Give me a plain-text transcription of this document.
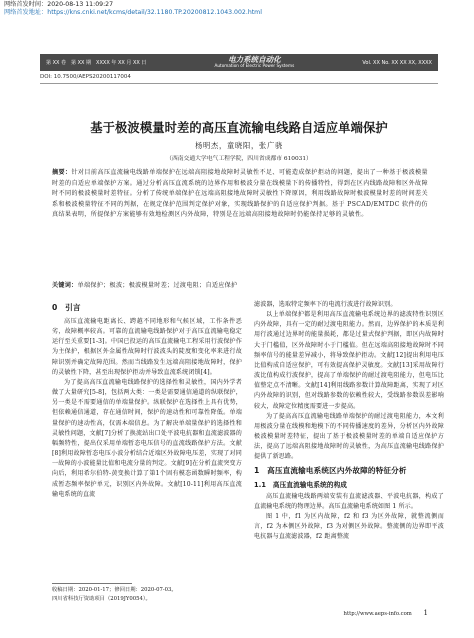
网络首发时间：2020-08-13 11:09:27
网络首发地址：https://kns.cnki.net/kcms/detail/32.1180.TP.20200812.1043.002.html
第 XX 卷　第 XX 期　XXXX 年 XX 月 XX 日	电力系统自动化
Automation of Electric Power Systems	Vol. XX No. XX XX XX, XXXX
DOI: 10.7500/AEPS20200117004
基于极波模量时差的高压直流输电线路自适应单端保护
杨明杰，童晓阳，张广骁
（西南交通大学电气工程学院，四川省成都市 610031）
摘要：针对目前高压直流输电线路单端保护在远端高阻接地故障时灵敏性不足、可能造成保护拒动的问题，提出了一种基于极波模量时差的自适应单端保护方案。通过分析高压直流系统的边界作用和极波分量在线模量下的传播特性，得到在区内线路故障和区外故障时不同的极波模量时差特征。分析了传统单端保护在远端高阻接地故障时灵敏性下降原因，利用线路故障时极波模量时差的时间差关系和极波模量特征不同的判据，在规定保护范围判定保护对象，实现线路保护的自适应保护判据。基于 PSCAD/EMTDC 软件的仿真结果表明，所提保护方案能够有效地检测区内外故障，特别是在远端高阻接地故障时仍能保持足够的灵敏性。
关键词：单端保护；极波；极波模量时差；过渡电阻；自适应保护
0　引言

高压直流输电距离长、跨越不同地形和气候区域，工作条件恶劣，故障概率较高。可靠的直流输电线路保护对于高压直流输电稳定运行至关重要[1-3]。中国已投运的高压直流输电工程采用行波保护作为主保护，根据区外金属性故障时行波波头的陡度和变化率来进行故障识别并确定故障范围。然而当线路发生远端高阻接地故障时，保护的灵敏性下降，甚至出现保护拒动并导致直流系统闭锁[4]。

为了提高高压直流输电线路保护的选择性和灵敏性，国内外学者做了大量研究[5-8]，包括两大类：一类是需要通信通道的纵联保护，另一类是不需要通信的单端量保护。纵联保护在选择性上具有优势，但依赖通信通道，存在通信时间，保护的速动性和可靠性降低。单端量保护的速动性高，仅需本端信息。为了解决单端量保护的选择性和灵敏性问题，文献[7]分析了换流站出口处平波电抗器和直流滤波器的幅频特性，提出仅采用单端暂态电压信号的直流线路保护方法。文献[8]利用故障暂态电压小波分析结合近端区外故障电压差，实现了对同一故障的小波能量比值和电流分量的判定。文献[9]在分析直流突变方向后，利用希尔伯特-黄变换计算了第1个固有模态函数瞬时频率，构成暂态频率保护单元，识别区内外故障。文献[10-11]利用高压直流输电系统的直流

滤波器，选取特定频率下的电流行波进行故障识别。

以上单端保护都是利用高压直流输电系统边界的滤波特性识别区内外故障，具有一定的耐过渡电阻能力。然而，边界保护的本质是利用行波通过边界时的能量损耗，都是过量式保护判据，即区内故障时大于门槛值，区外故障时小于门槛值。但在远端高阻接地故障时不同频率信号的能量差异减小，将导致保护拒动。文献[12]提出利用电压比值构成自适应保护，可有效提高保护灵敏度。文献[13]采用故障行波比值构成行波保护，提高了单端保护的耐过渡电阻能力，但电压比值整定点不清晰。文献[14]利用线路参数计算故障距离，实现了对区内外故障的识别，但对线路参数的依赖性较大，受线路参数误差影响较大，故障定位精度需要进一步提高。

为了提高高压直流输电线路单端保护的耐过渡电阻能力，本文利用极波分量在线模和地模下的不同传播速度的差异，分析区内外故障极波模量时差特征，提出了基于极波模量时差的单端自适应保护方法，提高了远端高阻接地故障时的灵敏性，为高压直流输电线路保护提供了新思路。

1　高压直流输电系统区内外故障的特征分析
1.1　高压直流输电系统的构成

高压直流输电线路两端安装有直流滤波器、平波电抗器，构成了直流输电系统的物理边界。高压直流输电系统如图 1 所示。

图 1 中，f1 为区内故障，f2 和 f3 为区外故障，就整流侧而言，f2 为本侧区外故障，f3 为对侧区外故障。整流侧的边界即平波电抗器与直流滤波器，f2 距离整流

收稿日期：2020-01-17；修回日期：2020-07-03。
四川省科技厅资助项目（2019JY0054）。
http://www.aeps-info.com 1
